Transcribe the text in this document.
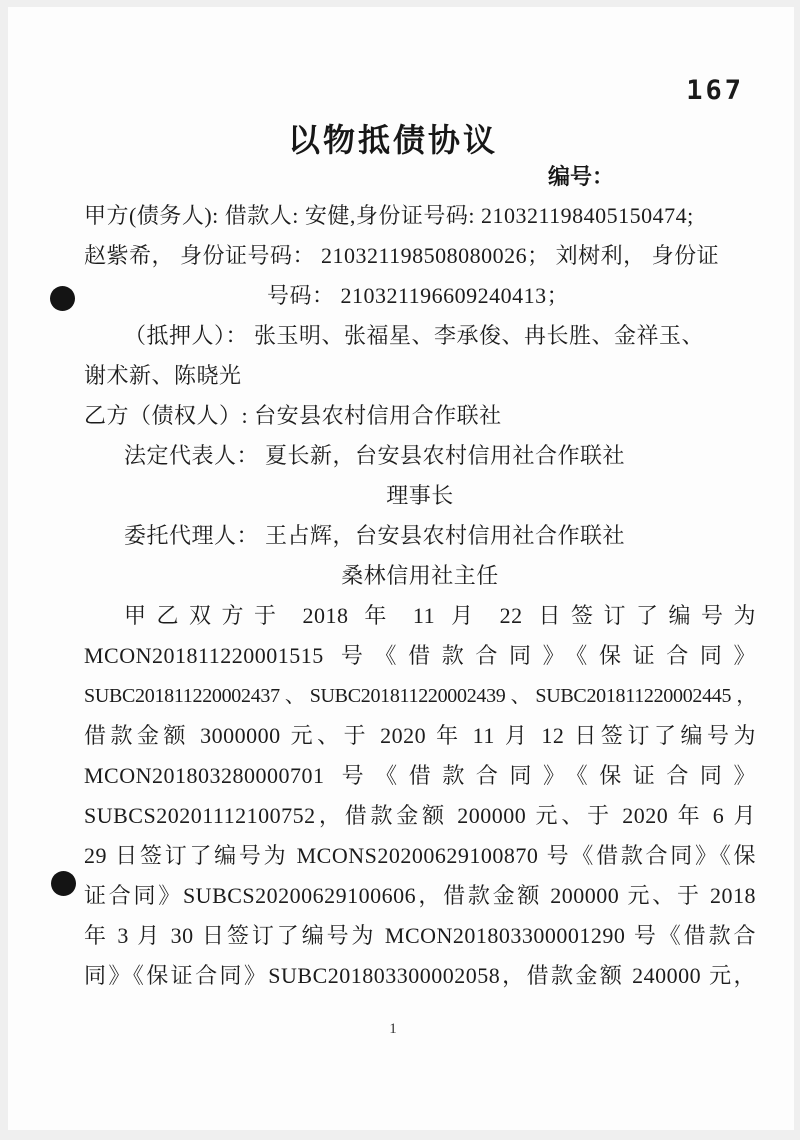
167
以物抵债协议
编号：
甲方(债务人): 借款人: 安健,身份证号码: 210321198405150474;
赵紫希， 身份证号码： 210321198508080026； 刘树利， 身份证
号码： 210321196609240413；
（抵押人）： 张玉明、张福星、李承俊、冉长胜、金祥玉、
谢术新、陈晓光
乙方（债权人）: 台安县农村信用合作联社
法定代表人： 夏长新，台安县农村信用社合作联社
理事长
委托代理人： 王占辉，台安县农村信用社合作联社
桑林信用社主任
甲乙双方于 2018 年 11 月 22 日签订了编号为
MCON201811220001515 号《借款合同》《保证合同》
SUBC201811220002437、SUBC201811220002439、SUBC201811220002445，
借款金额 3000000 元、于 2020 年 11 月 12 日签订了编号为
MCON201803280000701 号《借款合同》《保证合同》
SUBCS20201112100752，借款金额 200000 元、于 2020 年 6 月
29 日签订了编号为 MCONS20200629100870 号《借款合同》《保
证合同》SUBCS20200629100606，借款金额 200000 元、于 2018
年 3 月 30 日签订了编号为 MCON201803300001290 号《借款合
同》《保证合同》SUBC201803300002058，借款金额 240000 元，
1
